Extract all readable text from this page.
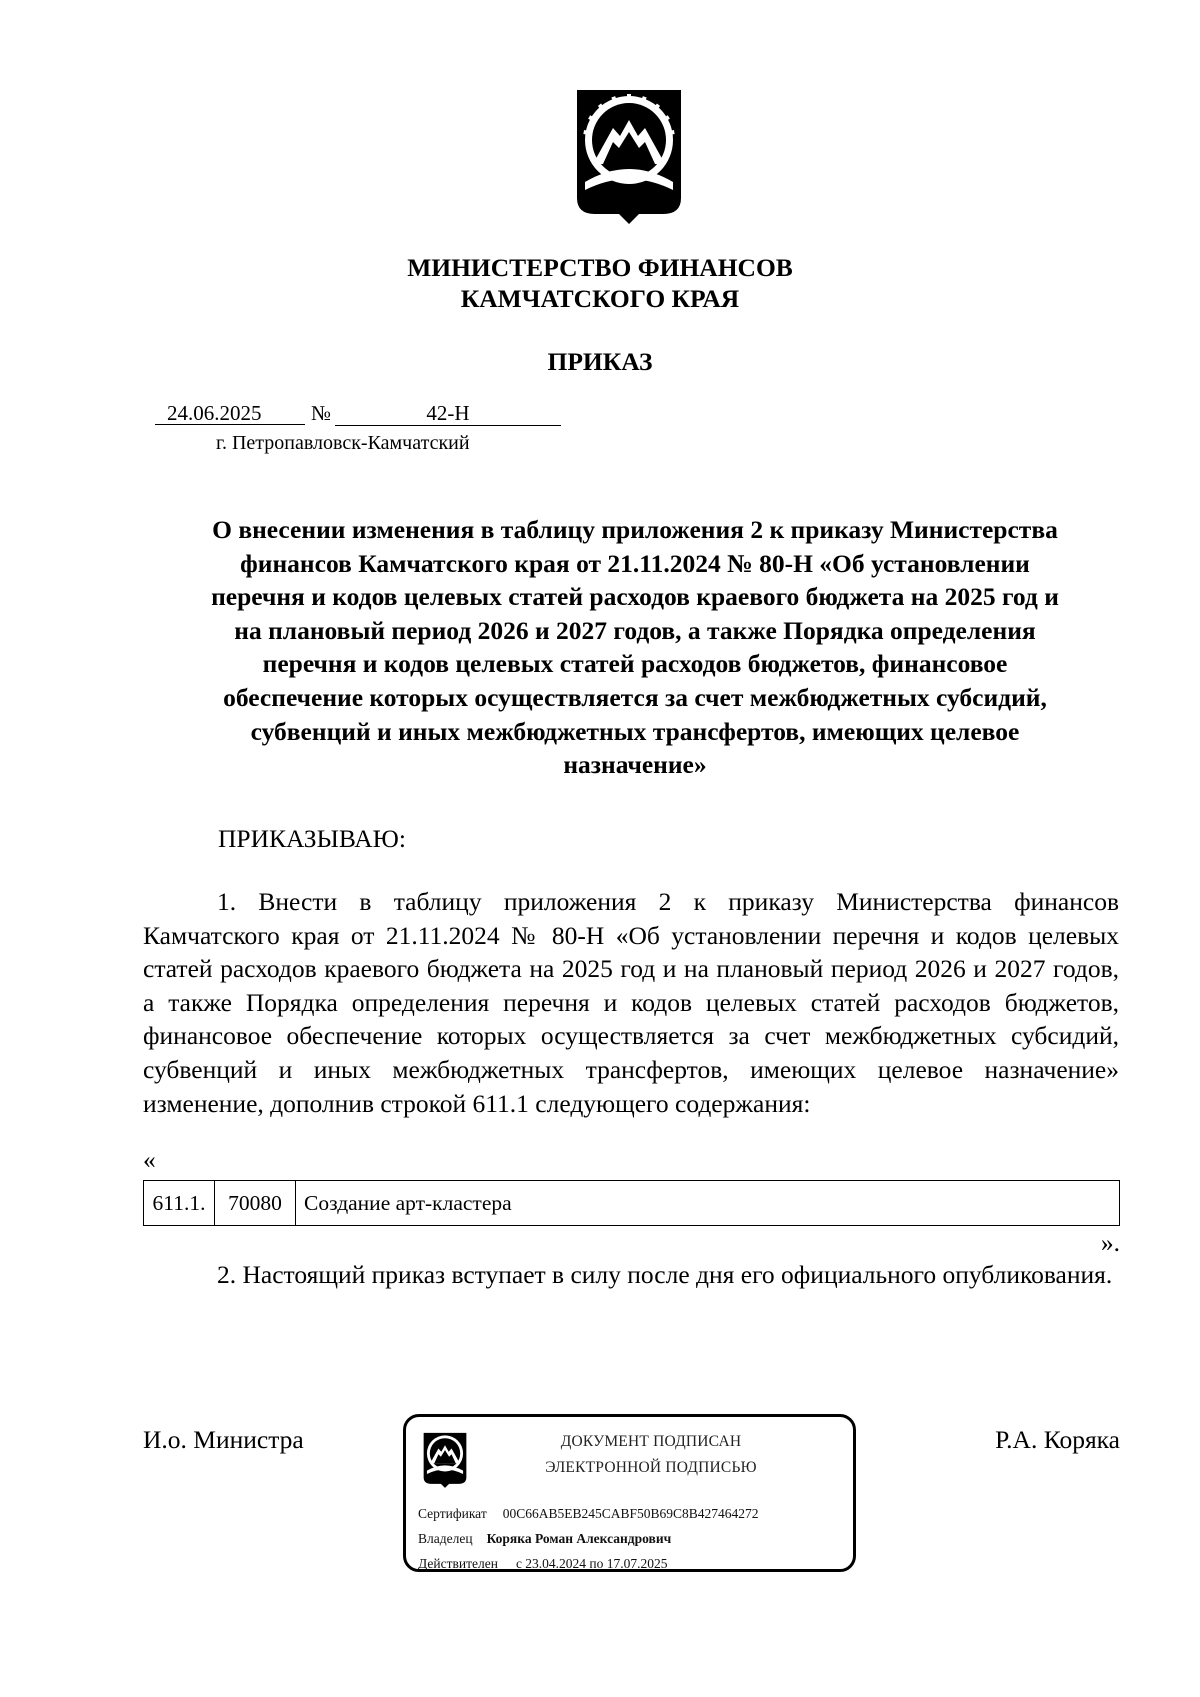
МИНИСТЕРСТВО ФИНАНСОВ
КАМЧАТСКОГО КРАЯ
ПРИКАЗ
24.06.2025 №	42-Н
г. Петропавловск-Камчатский
О внесении изменения в таблицу приложения 2 к приказу Министерства
финансов Камчатского края от 21.11.2024 № 80-Н «Об установлении
перечня и кодов целевых статей расходов краевого бюджета на 2025 год и
на плановый период 2026 и 2027 годов, а также Порядка определения
перечня и кодов целевых статей расходов бюджетов, финансовое
обеспечение которых осуществляется за счет межбюджетных субсидий,
субвенций и иных межбюджетных трансфертов, имеющих целевое
назначение»
ПРИКАЗЫВАЮ:

1. Внести в таблицу приложения 2 к приказу Министерства финансов Камчатского края от 21.11.2024 № 80-Н «Об установлении перечня и кодов целевых статей расходов краевого бюджета на 2025 год и на плановый период 2026 и 2027 годов, а также Порядка определения перечня и кодов целевых статей расходов бюджетов, финансовое обеспечение которых осуществляется за счет межбюджетных субсидий, субвенций и иных межбюджетных трансфертов, имеющих целевое назначение» изменение, дополнив строкой 611.1 следующего содержания:

«
611.1.	70080	Создание арт-кластера
».

2. Настоящий приказ вступает в силу после дня его официального опубликования.

И.о. Министра	Р.А. Коряка
ДОКУМЕНТ ПОДПИСАН
ЭЛЕКТРОННОЙ ПОДПИСЬЮ
Сертификат 00C66AB5EB245CABF50B69C8B427464272
Владелец Коряка Роман Александрович
Действителен с 23.04.2024 по 17.07.2025
